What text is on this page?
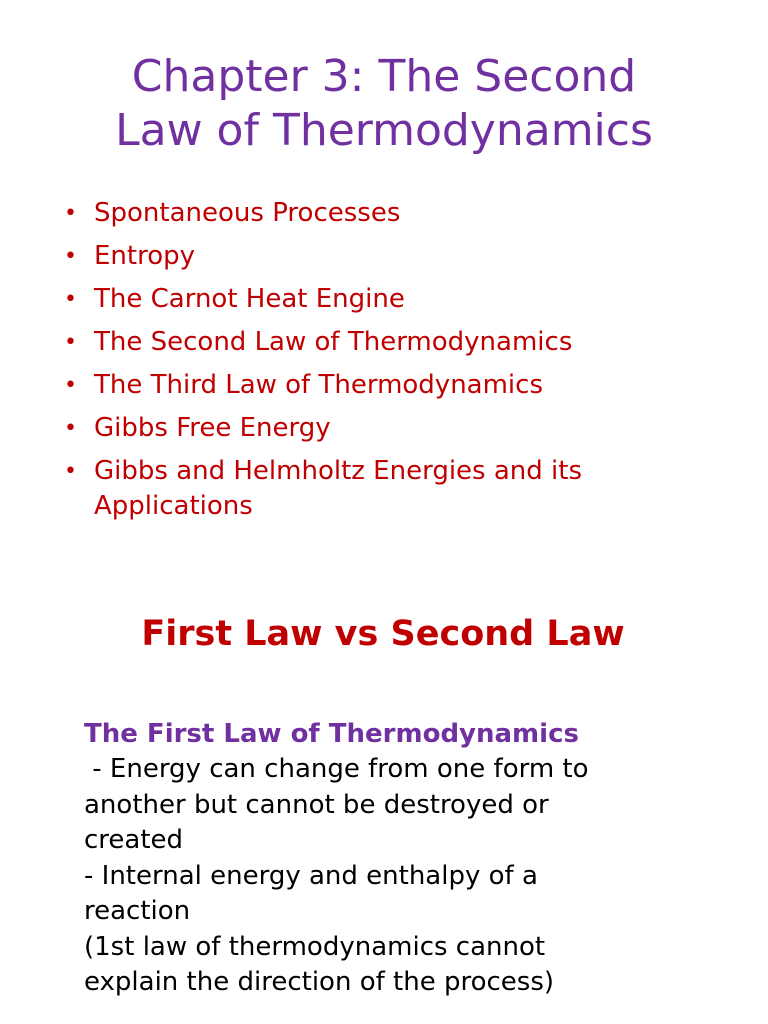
Chapter 3: The Second
Law of Thermodynamics
• Spontaneous Processes
• Entropy
• The Carnot Heat Engine
• The Second Law of Thermodynamics
• The Third Law of Thermodynamics
• Gibbs Free Energy
• Gibbs and Helmholtz Energies and its Applications
First Law vs Second Law

The First Law of Thermodynamics

- Energy can change from one form to

another but cannot be destroyed or

created

- Internal energy and enthalpy of a

reaction

(1st law of thermodynamics cannot

explain the direction of the process)
